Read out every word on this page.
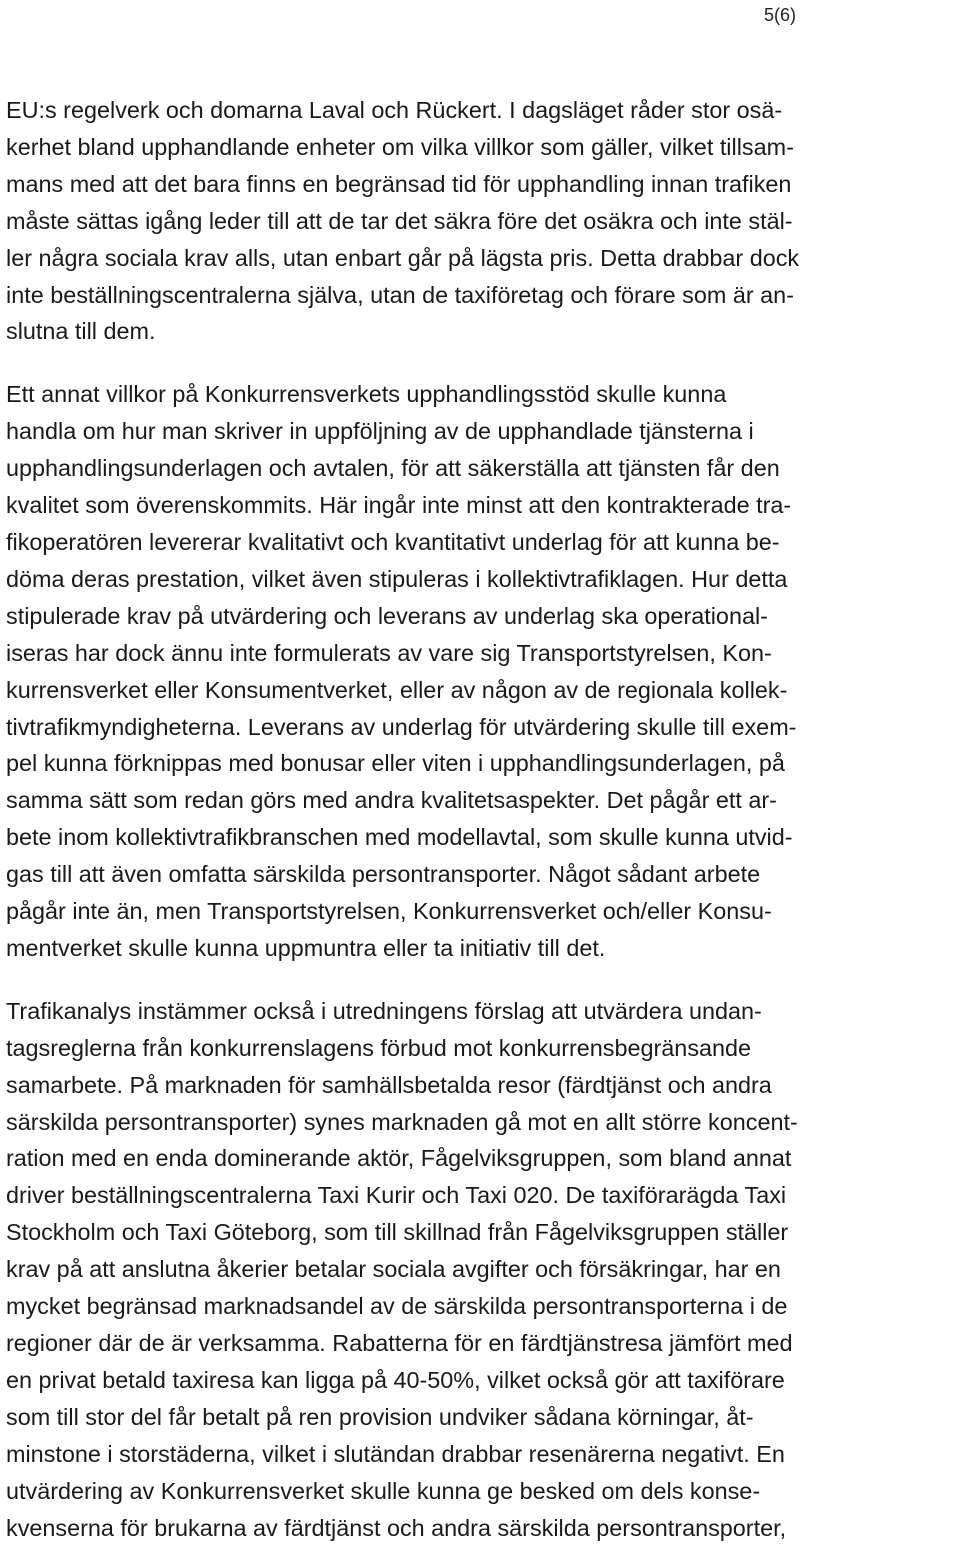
5(6)
EU:s regelverk och domarna Laval och Rückert. I dagsläget råder stor osä-
kerhet bland upphandlande enheter om vilka villkor som gäller, vilket tillsam-
mans med att det bara finns en begränsad tid för upphandling innan trafiken
måste sättas igång leder till att de tar det säkra före det osäkra och inte stäl-
ler några sociala krav alls, utan enbart går på lägsta pris. Detta drabbar dock
inte beställningscentralerna själva, utan de taxiföretag och förare som är an-
slutna till dem.
Ett annat villkor på Konkurrensverkets upphandlingsstöd skulle kunna
handla om hur man skriver in uppföljning av de upphandlade tjänsterna i
upphandlingsunderlagen och avtalen, för att säkerställa att tjänsten får den
kvalitet som överenskommits. Här ingår inte minst att den kontrakterade tra-
fikoperatören levererar kvalitativt och kvantitativt underlag för att kunna be-
döma deras prestation, vilket även stipuleras i kollektivtrafiklagen. Hur detta
stipulerade krav på utvärdering och leverans av underlag ska operational-
iseras har dock ännu inte formulerats av vare sig Transportstyrelsen, Kon-
kurrensverket eller Konsumentverket, eller av någon av de regionala kollek-
tivtrafikmyndigheterna. Leverans av underlag för utvärdering skulle till exem-
pel kunna förknippas med bonusar eller viten i upphandlingsunderlagen, på
samma sätt som redan görs med andra kvalitetsaspekter. Det pågår ett ar-
bete inom kollektivtrafikbranschen med modellavtal, som skulle kunna utvid-
gas till att även omfatta särskilda persontransporter. Något sådant arbete
pågår inte än, men Transportstyrelsen, Konkurrensverket och/eller Konsu-
mentverket skulle kunna uppmuntra eller ta initiativ till det.
Trafikanalys instämmer också i utredningens förslag att utvärdera undan-
tagsreglerna från konkurrenslagens förbud mot konkurrensbegränsande
samarbete. På marknaden för samhällsbetalda resor (färdtjänst och andra
särskilda persontransporter) synes marknaden gå mot en allt större koncent-
ration med en enda dominerande aktör, Fågelviksgruppen, som bland annat
driver beställningscentralerna Taxi Kurir och Taxi 020. De taxiförarägda Taxi
Stockholm och Taxi Göteborg, som till skillnad från Fågelviksgruppen ställer
krav på att anslutna åkerier betalar sociala avgifter och försäkringar, har en
mycket begränsad marknadsandel av de särskilda persontransporterna i de
regioner där de är verksamma. Rabatterna för en färdtjänstresa jämfört med
en privat betald taxiresa kan ligga på 40-50%, vilket också gör att taxiförare
som till stor del får betalt på ren provision undviker sådana körningar, åt-
minstone i storstäderna, vilket i slutändan drabbar resenärerna negativt. En
utvärdering av Konkurrensverket skulle kunna ge besked om dels konse-
kvenserna för brukarna av färdtjänst och andra särskilda persontransporter,
